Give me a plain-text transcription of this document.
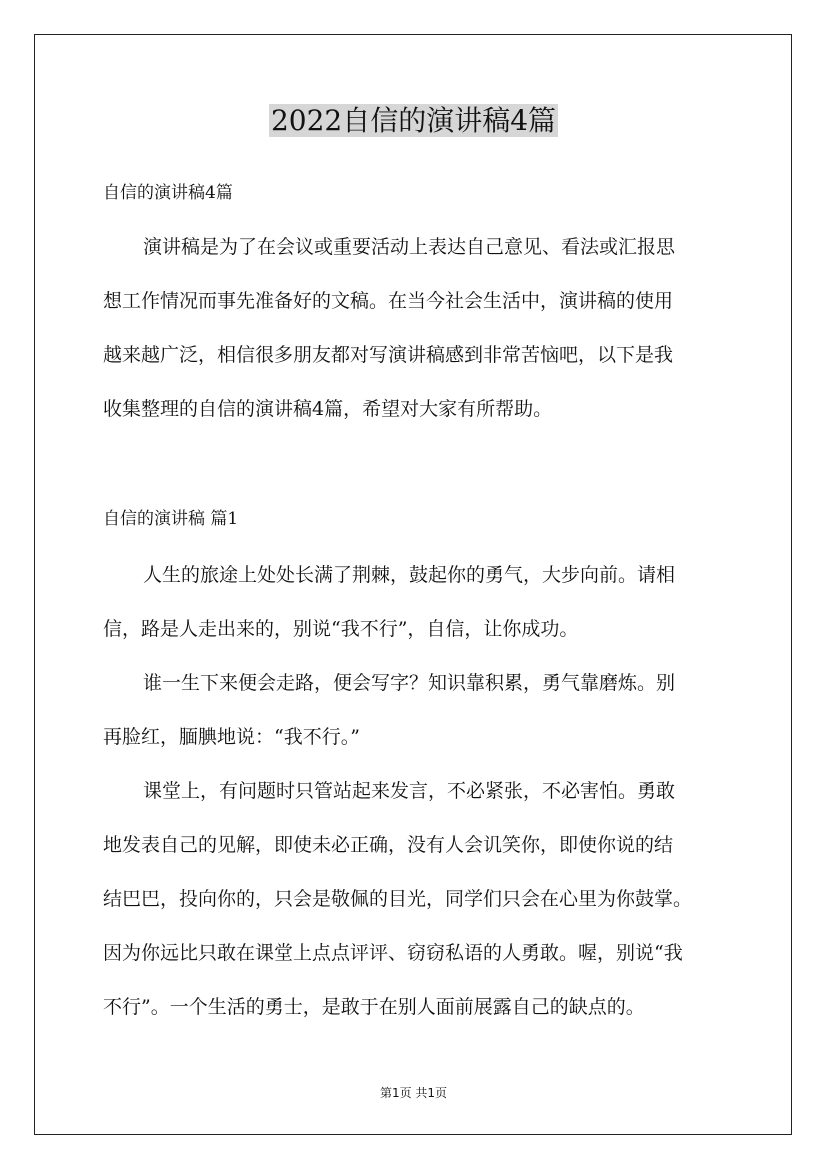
2022自信的演讲稿4篇

自信的演讲稿4篇

演讲稿是为了在会议或重要活动上表达自己意见、看法或汇报思
想工作情况而事先准备好的文稿。在当今社会生活中，演讲稿的使用
越来越广泛，相信很多朋友都对写演讲稿感到非常苦恼吧，以下是我
收集整理的自信的演讲稿4篇，希望对大家有所帮助。

自信的演讲稿 篇1

人生的旅途上处处长满了荆棘，鼓起你的勇气，大步向前。请相
信，路是人走出来的，别说“我不行”，自信，让你成功。
谁一生下来便会走路，便会写字？知识靠积累，勇气靠磨炼。别
再脸红，腼腆地说：“我不行。”
课堂上，有问题时只管站起来发言，不必紧张，不必害怕。勇敢
地发表自己的见解，即使未必正确，没有人会讥笑你，即使你说的结
结巴巴，投向你的，只会是敬佩的目光，同学们只会在心里为你鼓掌。
因为你远比只敢在课堂上点点评评、窃窃私语的人勇敢。喔，别说“我
不行”。一个生活的勇士，是敢于在别人面前展露自己的缺点的。
第1页 共1页
